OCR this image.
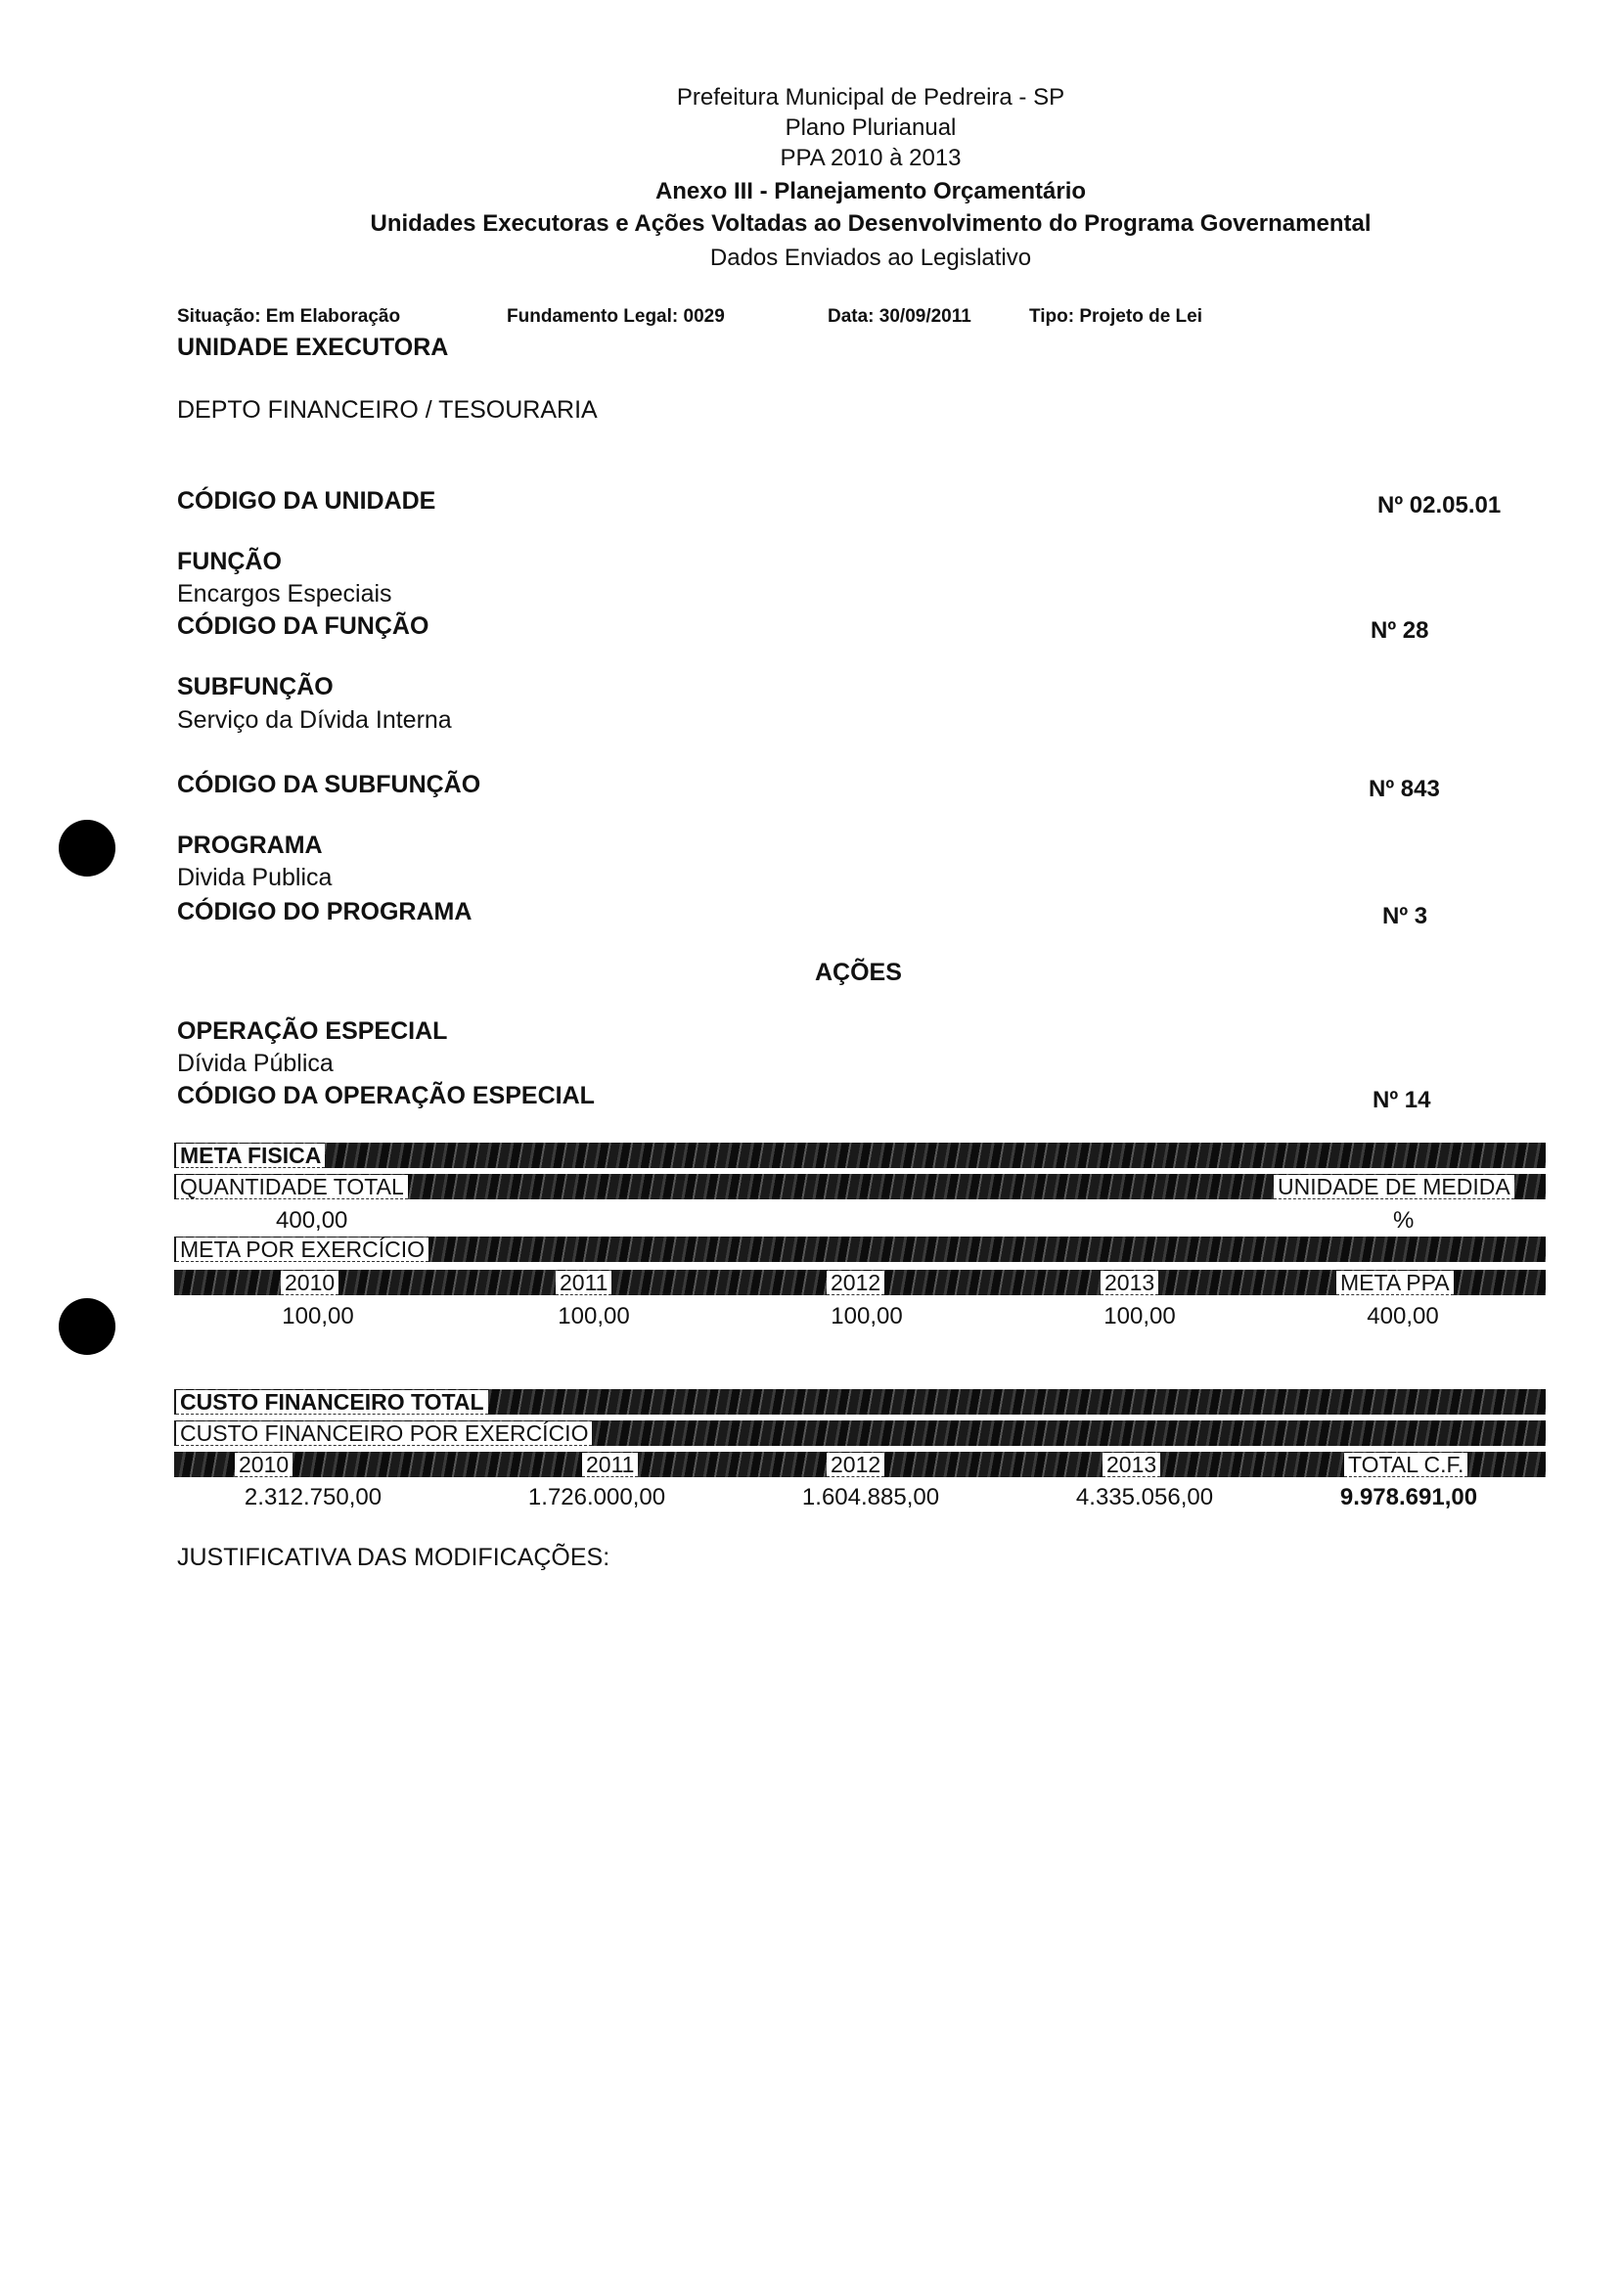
Prefeitura Municipal de Pedreira - SP
Plano Plurianual
PPA 2010 à 2013
Anexo III - Planejamento Orçamentário
Unidades Executoras e Ações Voltadas ao Desenvolvimento do Programa Governamental
Dados Enviados ao Legislativo
Situação: Em Elaboração	Fundamento Legal: 0029	Data: 30/09/2011	Tipo: Projeto de Lei
UNIDADE EXECUTORA
DEPTO FINANCEIRO / TESOURARIA
CÓDIGO DA UNIDADE	Nº 02.05.01
FUNÇÃO
Encargos Especiais
CÓDIGO DA FUNÇÃO	Nº 28
SUBFUNÇÃO
Serviço da Dívida Interna
CÓDIGO DA SUBFUNÇÃO	Nº 843
PROGRAMA
Divida Publica
CÓDIGO DO PROGRAMA	Nº 3
AÇÕES
OPERAÇÃO ESPECIAL
Dívida Pública
CÓDIGO DA OPERAÇÃO ESPECIAL	Nº 14
META FISICA
QUANTIDADE TOTAL	UNIDADE DE MEDIDA
400,00	%
META POR EXERCÍCIO
2010	2011	2012	2013	META PPA
100,00	100,00	100,00	100,00	400,00
CUSTO FINANCEIRO TOTAL
CUSTO FINANCEIRO POR EXERCÍCIO
2010	2011	2012	2013	TOTAL C.F.
2.312.750,00	1.726.000,00	1.604.885,00	4.335.056,00	9.978.691,00
JUSTIFICATIVA DAS MODIFICAÇÕES:
